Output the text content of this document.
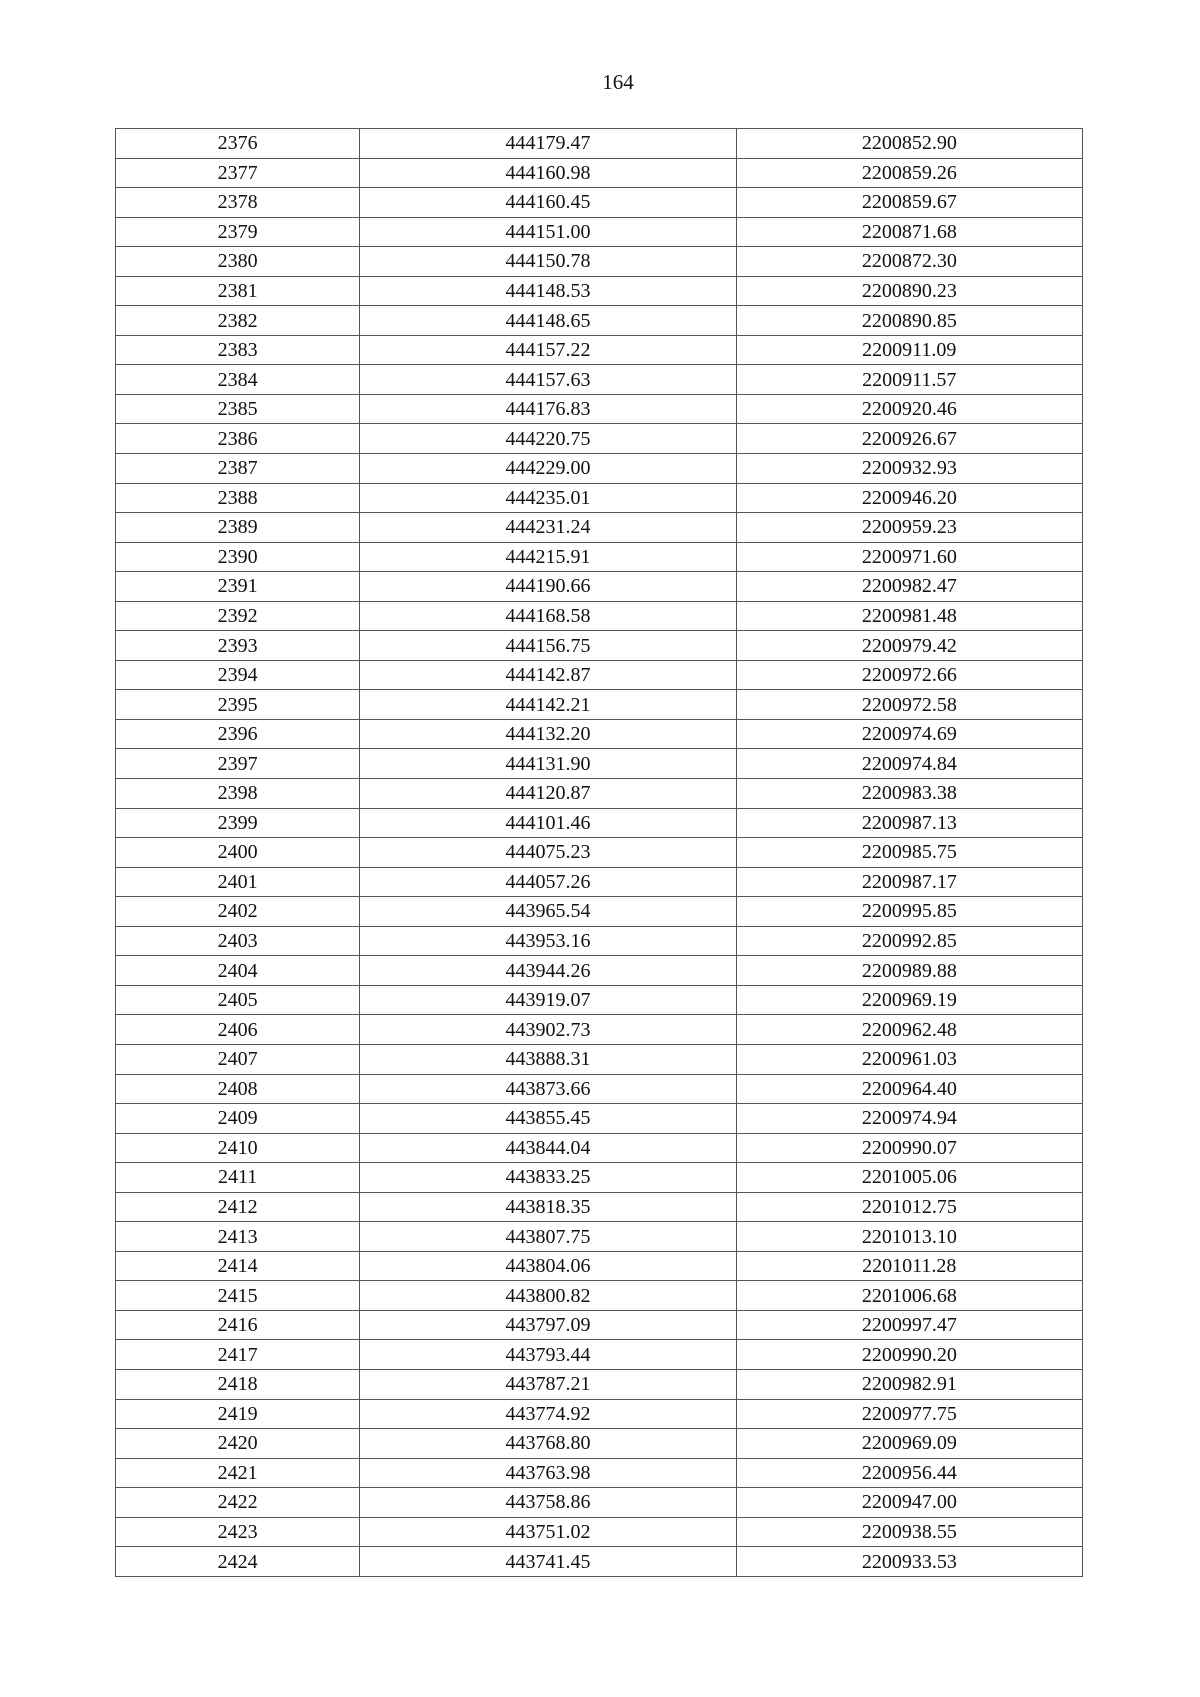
164
2376	444179.47	2200852.90
2377	444160.98	2200859.26
2378	444160.45	2200859.67
2379	444151.00	2200871.68
2380	444150.78	2200872.30
2381	444148.53	2200890.23
2382	444148.65	2200890.85
2383	444157.22	2200911.09
2384	444157.63	2200911.57
2385	444176.83	2200920.46
2386	444220.75	2200926.67
2387	444229.00	2200932.93
2388	444235.01	2200946.20
2389	444231.24	2200959.23
2390	444215.91	2200971.60
2391	444190.66	2200982.47
2392	444168.58	2200981.48
2393	444156.75	2200979.42
2394	444142.87	2200972.66
2395	444142.21	2200972.58
2396	444132.20	2200974.69
2397	444131.90	2200974.84
2398	444120.87	2200983.38
2399	444101.46	2200987.13
2400	444075.23	2200985.75
2401	444057.26	2200987.17
2402	443965.54	2200995.85
2403	443953.16	2200992.85
2404	443944.26	2200989.88
2405	443919.07	2200969.19
2406	443902.73	2200962.48
2407	443888.31	2200961.03
2408	443873.66	2200964.40
2409	443855.45	2200974.94
2410	443844.04	2200990.07
2411	443833.25	2201005.06
2412	443818.35	2201012.75
2413	443807.75	2201013.10
2414	443804.06	2201011.28
2415	443800.82	2201006.68
2416	443797.09	2200997.47
2417	443793.44	2200990.20
2418	443787.21	2200982.91
2419	443774.92	2200977.75
2420	443768.80	2200969.09
2421	443763.98	2200956.44
2422	443758.86	2200947.00
2423	443751.02	2200938.55
2424	443741.45	2200933.53
